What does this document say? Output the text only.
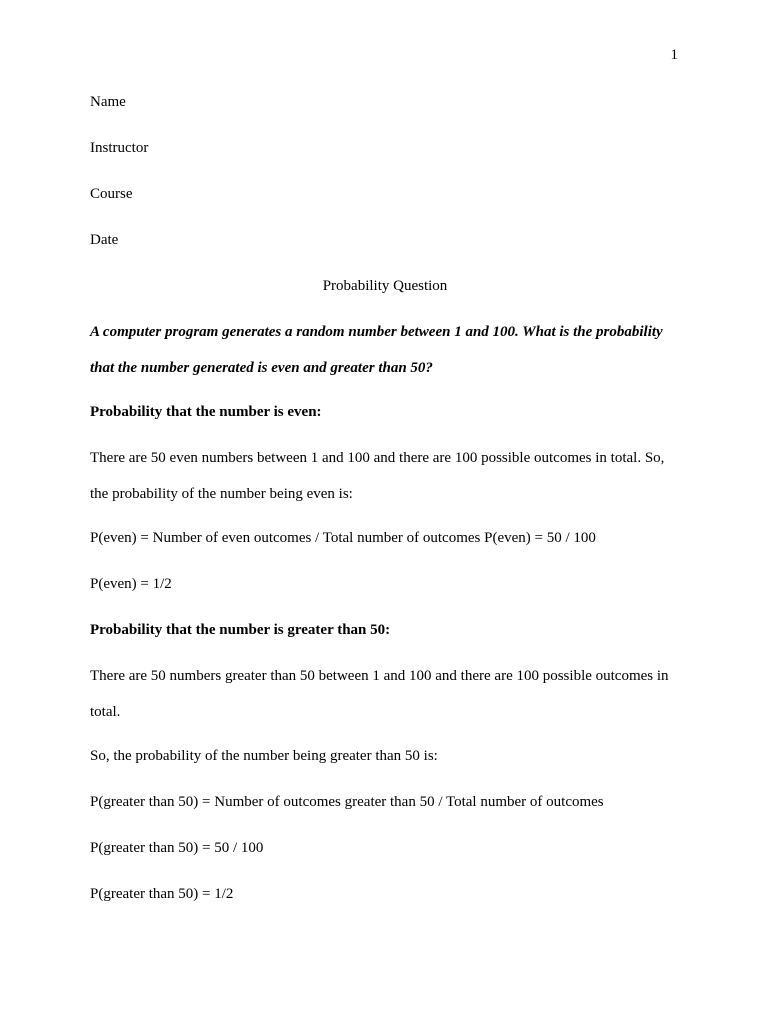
1

Name

Instructor

Course

Date

Probability Question

A computer program generates a random number between 1 and 100. What is the probability that the number generated is even and greater than 50?

Probability that the number is even:

There are 50 even numbers between 1 and 100 and there are 100 possible outcomes in total. So, the probability of the number being even is:

P(even) = Number of even outcomes / Total number of outcomes P(even) = 50 / 100

P(even) = 1/2

Probability that the number is greater than 50:

There are 50 numbers greater than 50 between 1 and 100 and there are 100 possible outcomes in total.

So, the probability of the number being greater than 50 is:

P(greater than 50) = Number of outcomes greater than 50 / Total number of outcomes

P(greater than 50) = 50 / 100

P(greater than 50) = 1/2
